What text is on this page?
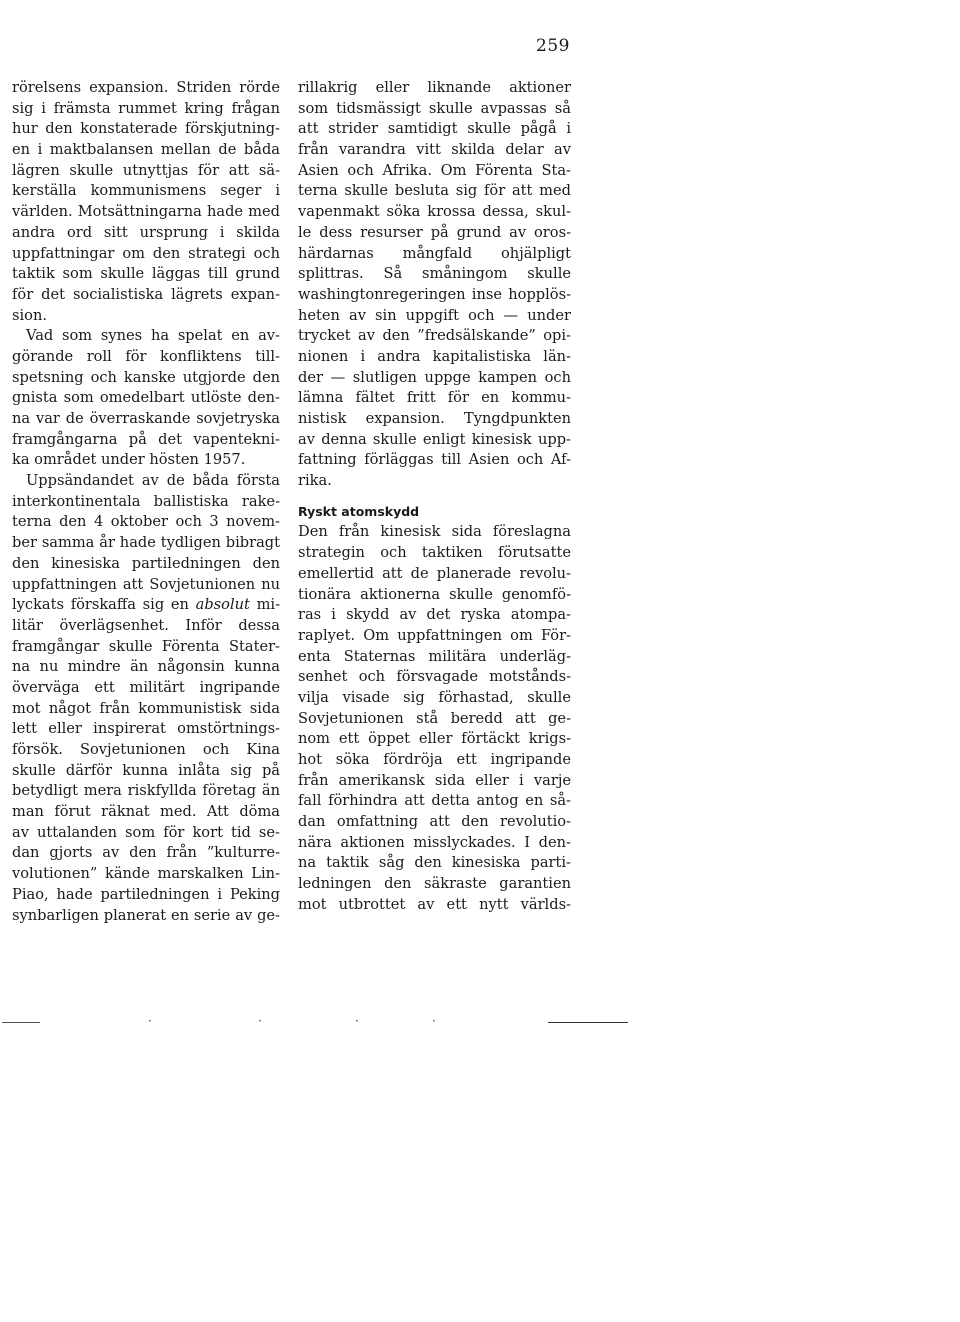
259
rörelsens expansion. Striden rörde
sig i främsta rummet kring frågan
hur den konstaterade förskjutning-
en i maktbalansen mellan de båda
lägren skulle utnyttjas för att sä-
kerställa kommunismens seger i
världen. Motsättningarna hade med
andra ord sitt ursprung i skilda
uppfattningar om den strategi och
taktik som skulle läggas till grund
för det socialistiska lägrets expan-
sion.
Vad som synes ha spelat en av-
görande roll för konfliktens till-
spetsning och kanske utgjorde den
gnista som omedelbart utlöste den-
na var de överraskande sovjetryska
framgångarna på det vapentekni-
ka området under hösten 1957.
Uppsändandet av de båda första
interkontinentala ballistiska rake-
terna den 4 oktober och 3 novem-
ber samma år hade tydligen bibragt
den kinesiska partiledningen den
uppfattningen att Sovjetunionen nu
lyckats förskaffa sig en absolut mi-
litär överlägsenhet. Inför dessa
framgångar skulle Förenta Stater-
na nu mindre än någonsin kunna
överväga ett militärt ingripande
mot något från kommunistisk sida
lett eller inspirerat omstörtnings-
försök. Sovjetunionen och Kina
skulle därför kunna inlåta sig på
betydligt mera riskfyllda företag än
man förut räknat med. Att döma
av uttalanden som för kort tid se-
dan gjorts av den från ”kulturre-
volutionen” kände marskalken Lin-
Piao, hade partiledningen i Peking
synbarligen planerat en serie av ge-
rillakrig eller liknande aktioner
som tidsmässigt skulle avpassas så
att strider samtidigt skulle pågå i
från varandra vitt skilda delar av
Asien och Afrika. Om Förenta Sta-
terna skulle besluta sig för att med
vapenmakt söka krossa dessa, skul-
le dess resurser på grund av oros-
härdarnas mångfald ohjälpligt
splittras. Så småningom skulle
washingtonregeringen inse hopplös-
heten av sin uppgift och — under
trycket av den ”fredsälskande” opi-
nionen i andra kapitalistiska län-
der — slutligen uppge kampen och
lämna fältet fritt för en kommu-
nistisk expansion. Tyngdpunkten
av denna skulle enligt kinesisk upp-
fattning förläggas till Asien och Af-
rika.
Ryskt atomskydd
Den från kinesisk sida föreslagna
strategin och taktiken förutsatte
emellertid att de planerade revolu-
tionära aktionerna skulle genomfö-
ras i skydd av det ryska atompa-
raplyet. Om uppfattningen om För-
enta Staternas militära underläg-
senhet och försvagade motstånds-
vilja visade sig förhastad, skulle
Sovjetunionen stå beredd att ge-
nom ett öppet eller förtäckt krigs-
hot söka fördröja ett ingripande
från amerikansk sida eller i varje
fall förhindra att detta antog en så-
dan omfattning att den revolutio-
nära aktionen misslyckades. I den-
na taktik såg den kinesiska parti-
ledningen den säkraste garantien
mot utbrottet av ett nytt världs-
·	·	·	·
